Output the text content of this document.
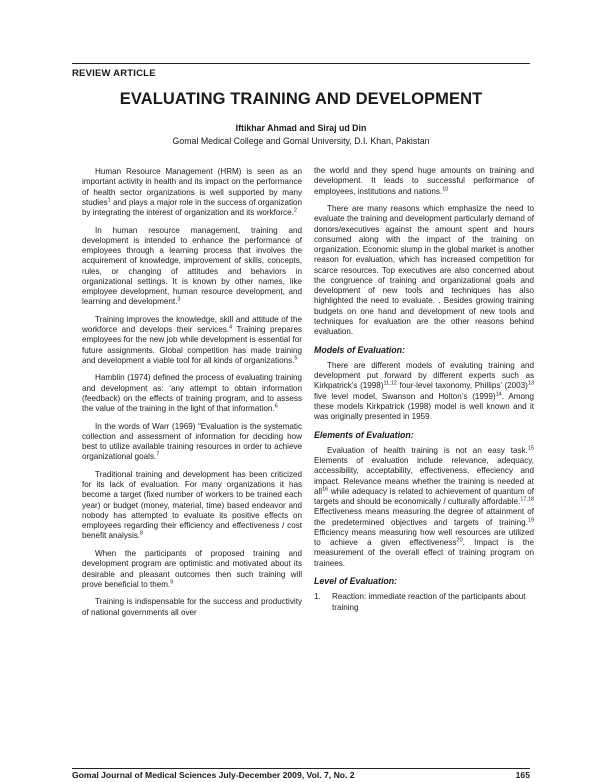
REVIEW ARTICLE
EVALUATING TRAINING AND DEVELOPMENT

Iftikhar Ahmad and Siraj ud Din

Gomal Medical College and Gomal University, D.I. Khan, Pakistan

Human Resource Management (HRM) is seen as an important activity in health and its impact on the performance of health sector organizations is well supported by many studies$^1$ and plays a major role in the success of organization by integrating the interest of organization and its workforce.$^2$

In human resource management, training and development is intended to enhance the performance of employees through a learning process that involves the acquirement of knowledge, improvement of skills, concepts, rules, or changing of attitudes and behaviors in organizational settings. It is known by other names, like employee development, human resource development, and learning and development.$^3$

Training improves the knowledge, skill and attitude of the workforce and develops their services.$^4$ Training prepares employees for the new job while development is essential for future assignments. Global competition has made training and development a viable tool for all kinds of organizations.$^5$

Hamblin (1974) defined the process of evaluating training and development as: ‘any attempt to obtain information (feedback) on the effects of training program, and to assess the value of the training in the light of that information.$^6$

In the words of Warr (1969) “Evaluation is the systematic collection and assessment of information for deciding how best to utilize available training resources in order to achieve organizational goals.$^7$

Traditional training and development has been criticized for its lack of evaluation. For many organizations it has become a target (fixed number of workers to be trained each year) or budget (money, material, time) based endeavor and nobody has attempted to evaluate its positive effects on employees regarding their efficiency and effectiveness / cost benefit analysis.$^8$

When the participants of proposed training and development program are optimistic and motivated about its desirable and pleasant outcomes then such training will prove beneficial to them.$^9$

Training is indispensable for the success and productivity of national governments all over

the world and they spend huge amounts on training and development. It leads to successful performance of employees, institutions and nations.$^{10}$

There are many reasons which emphasize the need to evaluate the training and development particularly demand of donors/executives against the amount spent and hours consumed along with the impact of the training on organization. Economic slump in the global market is another reason for evaluation, which has increased competition for scarce resources. Top executives are also concerned about the congruence of training and organizational goals and development of new tools and techniques has also highlighted the need to evaluate. . Besides growing training budgets on one hand and development of new tools and techniques for evaluation are the other reasons behind evaluation.

Models of Evaluation:

There are different models of evaluting training and development put forward by different experts such as Kirkpatrick’s $(1998)^{11,12}$ four-level taxonomy, Phillips’ $(2003)^{13}$ five level model, Swanson and Holton’s $(1999)^{14}$. Among these models Kirkpatrick (1998) model is well known and it was originally presented in 1959.

Elements of Evaluation:

Evaluation of health training is not an easy task.$^{15}$ Elements of evaluation include relevance, adequacy, accessibility, acceptability, effectiveness, effeciency and impact. Relevance means whether the training is needed at all$^{16}$ while adequacy is related to achievement of quantum of targets and should be economically / culturally affordable.$^{17,18}$ Effectiveness means measuring the degree of attainment of the predetermined objectives and targets of training.$^{19}$ Efficiency means measuring how well resources are utilized to achieve a given effectiveness$^{20}$. Impact is the measurement of the overall effect of training program on trainees.

Level of Evaluation:
1.	Reaction: immediate reaction of the participants about training
Gomal Journal of Medical Sciences July-December 2009, Vol. 7, No. 2	165
